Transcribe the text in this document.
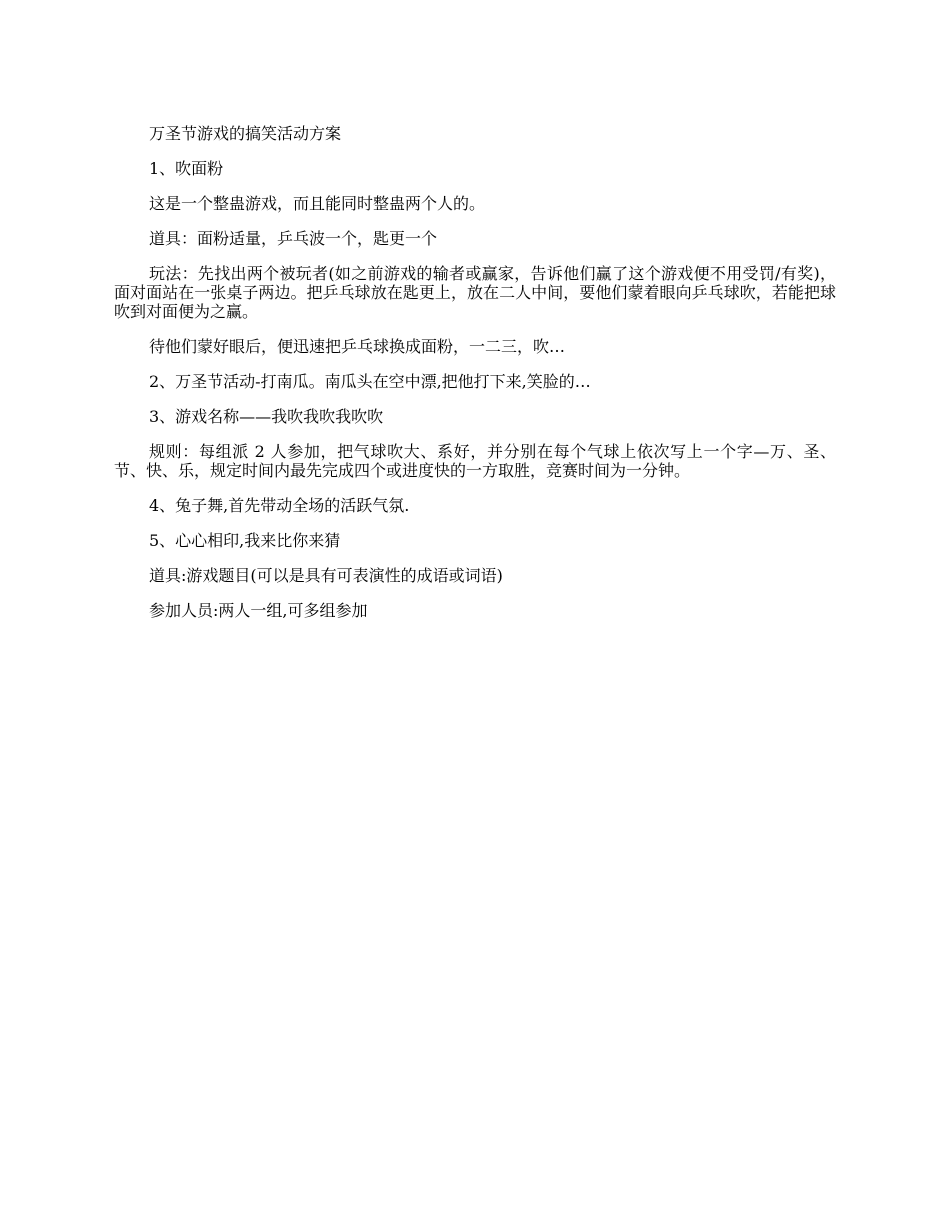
万圣节游戏的搞笑活动方案

1、吹面粉

这是一个整蛊游戏，而且能同时整蛊两个人的。

道具：面粉适量，乒乓波一个，匙更一个

玩法：先找出两个被玩者(如之前游戏的输者或赢家，告诉他们赢了这个游戏便不用受罚/有奖)，面对面站在一张桌子两边。把乒乓球放在匙更上，放在二人中间，要他们蒙着眼向乒乓球吹，若能把球吹到对面便为之赢。

待他们蒙好眼后，便迅速把乒乓球换成面粉，一二三，吹…

2、万圣节活动-打南瓜。南瓜头在空中漂,把他打下来,笑脸的…

3、游戏名称——我吹我吹我吹吹

规则：每组派 2 人参加，把气球吹大、系好，并分别在每个气球上依次写上一个字—万、圣、节、快、乐，规定时间内最先完成四个或进度快的一方取胜，竞赛时间为一分钟。

4、兔子舞,首先带动全场的活跃气氛.

5、心心相印,我来比你来猜

道具:游戏题目(可以是具有可表演性的成语或词语)

参加人员:两人一组,可多组参加
